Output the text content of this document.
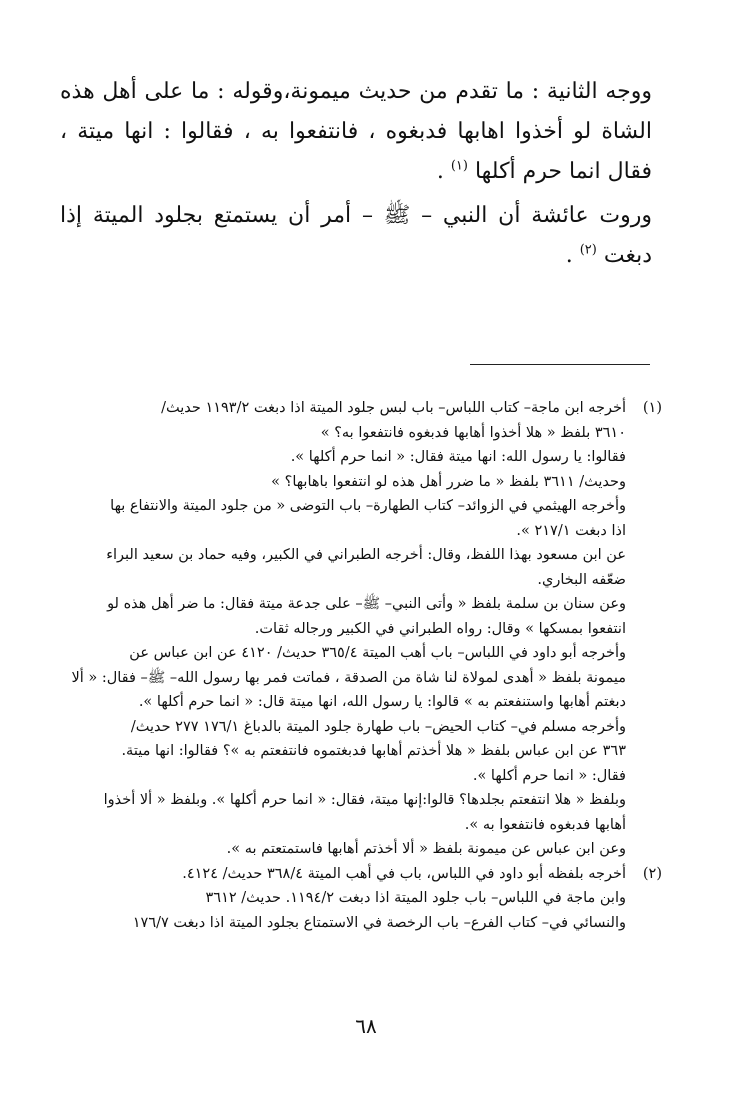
ووجه الثانية : ما تقدم من حديث ميمونة،وقوله : ما على أهل هذه الشاة لو أخذوا اهابها فدبغوه ، فانتفعوا به ، فقالوا : انها ميتة ، فقال انما حرم أكلها $^{(١)}$ .

وروت عائشة أن النبي – ﷺ – أمر أن يستمتع بجلود الميتة إذا دبغت $^{(٢)}$ .

(١)
أخرجه ابن ماجة– كتاب اللباس– باب لبس جلود الميتة اذا دبغت ١١٩٣/٢ حديث/
٣٦١٠ بلفظ « هلا أخذوا أهابها فدبغوه فانتفعوا به؟ »
فقالوا: يا رسول الله: انها ميتة فقال: « انما حرم أكلها ».
وحديث/ ٣٦١١ بلفظ « ما ضرر أهل هذه لو انتفعوا باهابها؟ »
وأخرجه الهيثمي في الزوائد– كتاب الطهارة– باب التوضى « من جلود الميتة والانتفاع بها
اذا دبغت ٢١٧/١ ».
عن ابن مسعود بهذا اللفظ، وقال: أخرجه الطبراني في الكبير، وفيه حماد بن سعيد البراء
ضعّفه البخاري.
وعن سنان بن سلمة بلفظ « وأتى النبي– ﷺ– على جدعة ميتة فقال: ما ضر أهل هذه لو
انتفعوا بمسكها » وقال: رواه الطبراني في الكبير ورجاله ثقات.
وأخرجه أبو داود في اللباس– باب أهب الميتة ٣٦٥/٤ حديث/ ٤١٢٠ عن ابن عباس عن
ميمونة بلفظ « أهدى لمولاة لنا شاة من الصدقة ، فماتت فمر بها رسول الله– ﷺ– فقال: « ألا
دبغتم أهابها واستنفعتم به » قالوا: يا رسول الله، انها ميتة قال: « انما حرم أكلها ».
وأخرجه مسلم في– كتاب الحيض– باب طهارة جلود الميتة بالدباغ ١٧٦/١ ٢٧٧ حديث/
٣٦٣ عن ابن عباس بلفظ « هلا أخذتم أهابها فدبغتموه فانتفعتم به »؟ فقالوا: انها ميتة.
فقال: « انما حرم أكلها ».
وبلفظ « هلا انتفعتم بجلدها؟ قالوا:إنها ميتة، فقال: « انما حرم أكلها ». وبلفظ « ألا أخذوا
أهابها فدبغوه فانتفعوا به ».
وعن ابن عباس عن ميمونة بلفظ « ألا أخذتم أهابها فاستمتعتم به ».
(٢)
أخرجه بلفظه أبو داود في اللباس، باب في أهب الميتة ٣٦٨/٤ حديث/ ٤١٢٤.
وابن ماجة في اللباس– باب جلود الميتة اذا دبغت ١١٩٤/٢. حديث/ ٣٦١٢
والنسائي في– كتاب الفرع– باب الرخصة في الاستمتاع بجلود الميتة اذا دبغت ١٧٦/٧
٦٨
